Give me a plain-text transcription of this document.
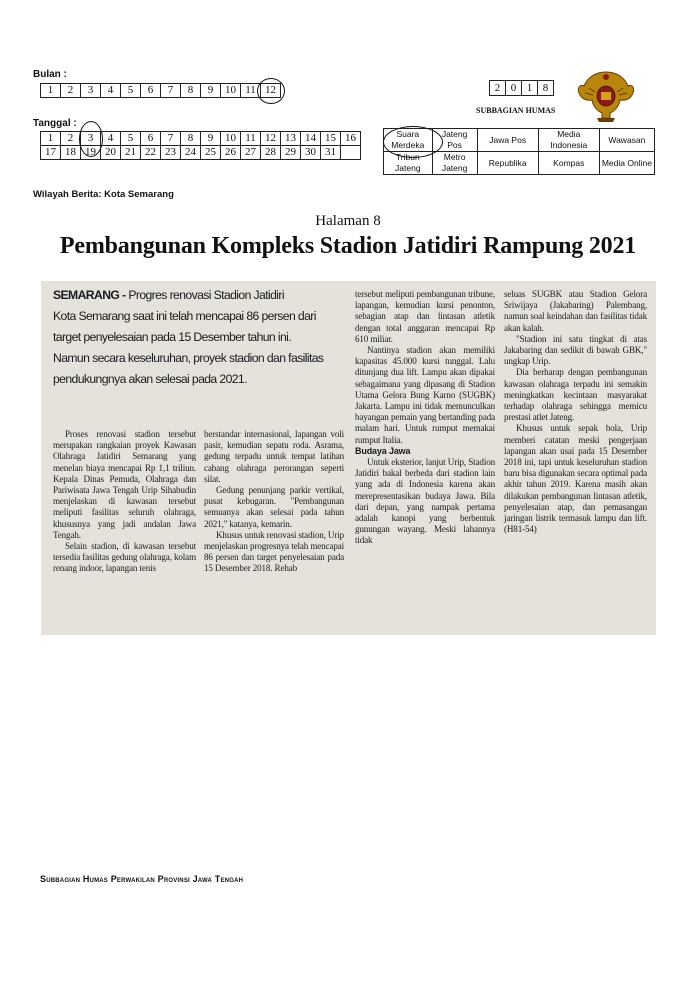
Bulan :
1	2	3	4	5	6	7	8	9	10	11	12
Tanggal :
1	2	3	4	5	6	7	8	9	10	11	12	13	14	15	16
17	18	19	20	21	22	23	24	25	26	27	28	29	30	31	
2	0	1	8
SUBBAGIAN HUMAS
Suara Merdeka	Jateng Pos	Jawa Pos	Media Indonesia	Wawasan
Tribun Jateng	Metro Jateng	Republika	Kompas	Media Online
Wilayah Berita: Kota Semarang
Halaman 8
Pembangunan Kompleks Stadion Jatidiri Rampung 2021
SEMARANG - Progres renovasi Stadion Jatidiri
Kota Semarang saat ini telah mencapai 86 persen dari
target penyelesaian pada 15 Desember tahun ini.
Namun secara keseluruhan, proyek stadion dan fasilitas
pendukungnya akan selesai pada 2021.

Proses renovasi stadion tersebut merupakan rangkaian proyek Kawasan Olahraga Jatidiri Semarang yang menelan biaya mencapai Rp 1,1 triliun. Kepala Dinas Pemuda, Olahraga dan Pariwisata Jawa Tengah Urip Sihabudin menjelaskan di kawasan tersebut meliputi fasilitas seluruh olahraga, khususnya yang jadi andalan Jawa Tengah.

Selain stadion, di kawasan tersebut tersedia fasilitas gedung olahraga, kolam renang indoor, lapangan tenis

berstandar internasional, lapangan voli pasir, kemudian sepatu roda. Asrama, gedung terpadu untuk tempat latihan cabang olahraga perorangan seperti silat.

Gedung penunjang parkir vertikal, pusat kebugaran. "Pembangunan semuanya akan selesai pada tahun 2021," katanya, kemarin.

Khusus untuk renovasi stadion, Urip menjelaskan progresnya telah mencapai 86 persen dan target penyelesaian pada 15 Desember 2018. Rehab

tersebut meliputi pembangunan tribune, lapangan, kemudian kursi penonton, sebagian atap dan lintasan atletik dengan total anggaran mencapai Rp 610 miliar.

Nantinya stadion akan memiliki kapasitas 45.000 kursi tunggal. Lalu ditunjang dua lift. Lampu akan dipakai sebagaimana yang dipasang di Stadion Utama Gelora Bung Karno (SUGBK) Jakarta. Lampu ini tidak memunculkan bayangan pemain yang bertanding pada malam hari. Untuk rumput memakai rumput Italia.

Budaya Jawa

Untuk eksterior, lanjut Urip, Stadion Jatidiri bakal berbeda dari stadion lain yang ada di Indonesia karena akan merepresentasikan budaya Jawa. Bila dari depan, yang nampak pertama adalah kanopi yang berbentuk gunungan wayang. Meski lahannya tidak

seluas SUGBK atau Stadion Gelora Sriwijaya (Jakabaring) Palembang, namun soal keindahan dan fasilitas tidak akan kalah.

"Stadion ini satu tingkat di atas Jakabaring dan sedikit di bawah GBK," ungkap Urip.

Dia berharap dengan pembangunan kawasan olahraga terpadu ini semakin meningkatkan kecintaan masyarakat terhadap olahraga sehingga memicu prestasi atlet Jateng.

Khusus untuk sepak bola, Urip memberi catatan meski pengerjaan lapangan akan usai pada 15 Desember 2018 ini, tapi untuk keseluruhan stadion baru bisa digunakan secara optimal pada akhir tahun 2019. Karena masih akan dilakukan pembangunan lintasan atletik, penyelesaian atap, dan pemasangan jaringan listrik termasuk lampu dan lift. (H81-54)

Subbagian Humas Perwakilan Provinsi Jawa Tengah
